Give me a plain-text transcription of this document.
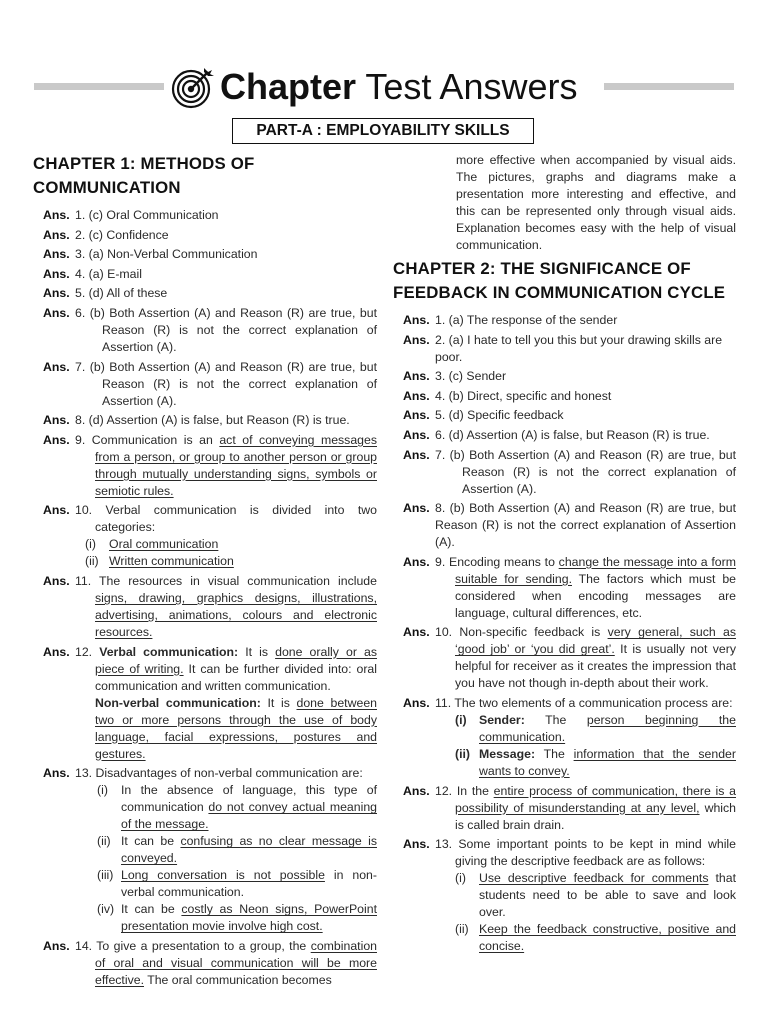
Chapter Test Answers
PART-A : EMPLOYABILITY SKILLS
CHAPTER 1: METHODS OF COMMUNICATION
Ans. 1. (c) Oral Communication
Ans. 2. (c) Confidence
Ans. 3. (a) Non-Verbal Communication
Ans. 4. (a) E-mail
Ans. 5. (d) All of these
Ans. 6. (b) Both Assertion (A) and Reason (R) are true, but Reason (R) is not the correct explanation of Assertion (A).
Ans. 7. (b) Both Assertion (A) and Reason (R) are true, but Reason (R) is not the correct explanation of Assertion (A).
Ans. 8. (d) Assertion (A) is false, but Reason (R) is true.
Ans. 9. Communication is an act of conveying messages from a person, or group to another person or group through mutually understanding signs, symbols or semiotic rules.
Ans. 10. Verbal communication is divided into two categories:
(i) Oral communication
(ii) Written communication
Ans. 11. The resources in visual communication include signs, drawing, graphics designs, illustrations, advertising, animations, colours and electronic resources.
Ans. 12. Verbal communication: It is done orally or as piece of writing. It can be further divided into: oral communication and written communication.
Non-verbal communication: It is done between two or more persons through the use of body language, facial expressions, postures and gestures.
Ans. 13. Disadvantages of non-verbal communication are:
(i) In the absence of language, this type of communication do not convey actual meaning of the message.
(ii) It can be confusing as no clear message is conveyed.
(iii) Long conversation is not possible in non-verbal communication.
(iv) It can be costly as Neon signs, PowerPoint presentation movie involve high cost.
Ans. 14. To give a presentation to a group, the combination of oral and visual communication will be more effective. The oral communication becomes
more effective when accompanied by visual aids. The pictures, graphs and diagrams make a presentation more interesting and effective, and this can be represented only through visual aids. Explanation becomes easy with the help of visual communication.
CHAPTER 2: THE SIGNIFICANCE OF FEEDBACK IN COMMUNICATION CYCLE
Ans. 1. (a) The response of the sender
Ans. 2. (a) I hate to tell you this but your drawing skills are poor.
Ans. 3. (c) Sender
Ans. 4. (b) Direct, specific and honest
Ans. 5. (d) Specific feedback
Ans. 6. (d) Assertion (A) is false, but Reason (R) is true.
Ans. 7. (b) Both Assertion (A) and Reason (R) are true, but Reason (R) is not the correct explanation of Assertion (A).
Ans. 8. (b) Both Assertion (A) and Reason (R) are true, but Reason (R) is not the correct explanation of Assertion (A).
Ans. 9. Encoding means to change the message into a form suitable for sending. The factors which must be considered when encoding messages are language, cultural differences, etc.
Ans. 10. Non-specific feedback is very general, such as ‘good job’ or ‘you did great’. It is usually not very helpful for receiver as it creates the impression that you have not though in-depth about their work.
Ans. 11. The two elements of a communication process are:
(i) Sender: The person beginning the communication.
(ii) Message: The information that the sender wants to convey.
Ans. 12. In the entire process of communication, there is a possibility of misunderstanding at any level, which is called brain drain.
Ans. 13. Some important points to be kept in mind while giving the descriptive feedback are as follows:
(i) Use descriptive feedback for comments that students need to be able to save and look over.
(ii) Keep the feedback constructive, positive and concise.
